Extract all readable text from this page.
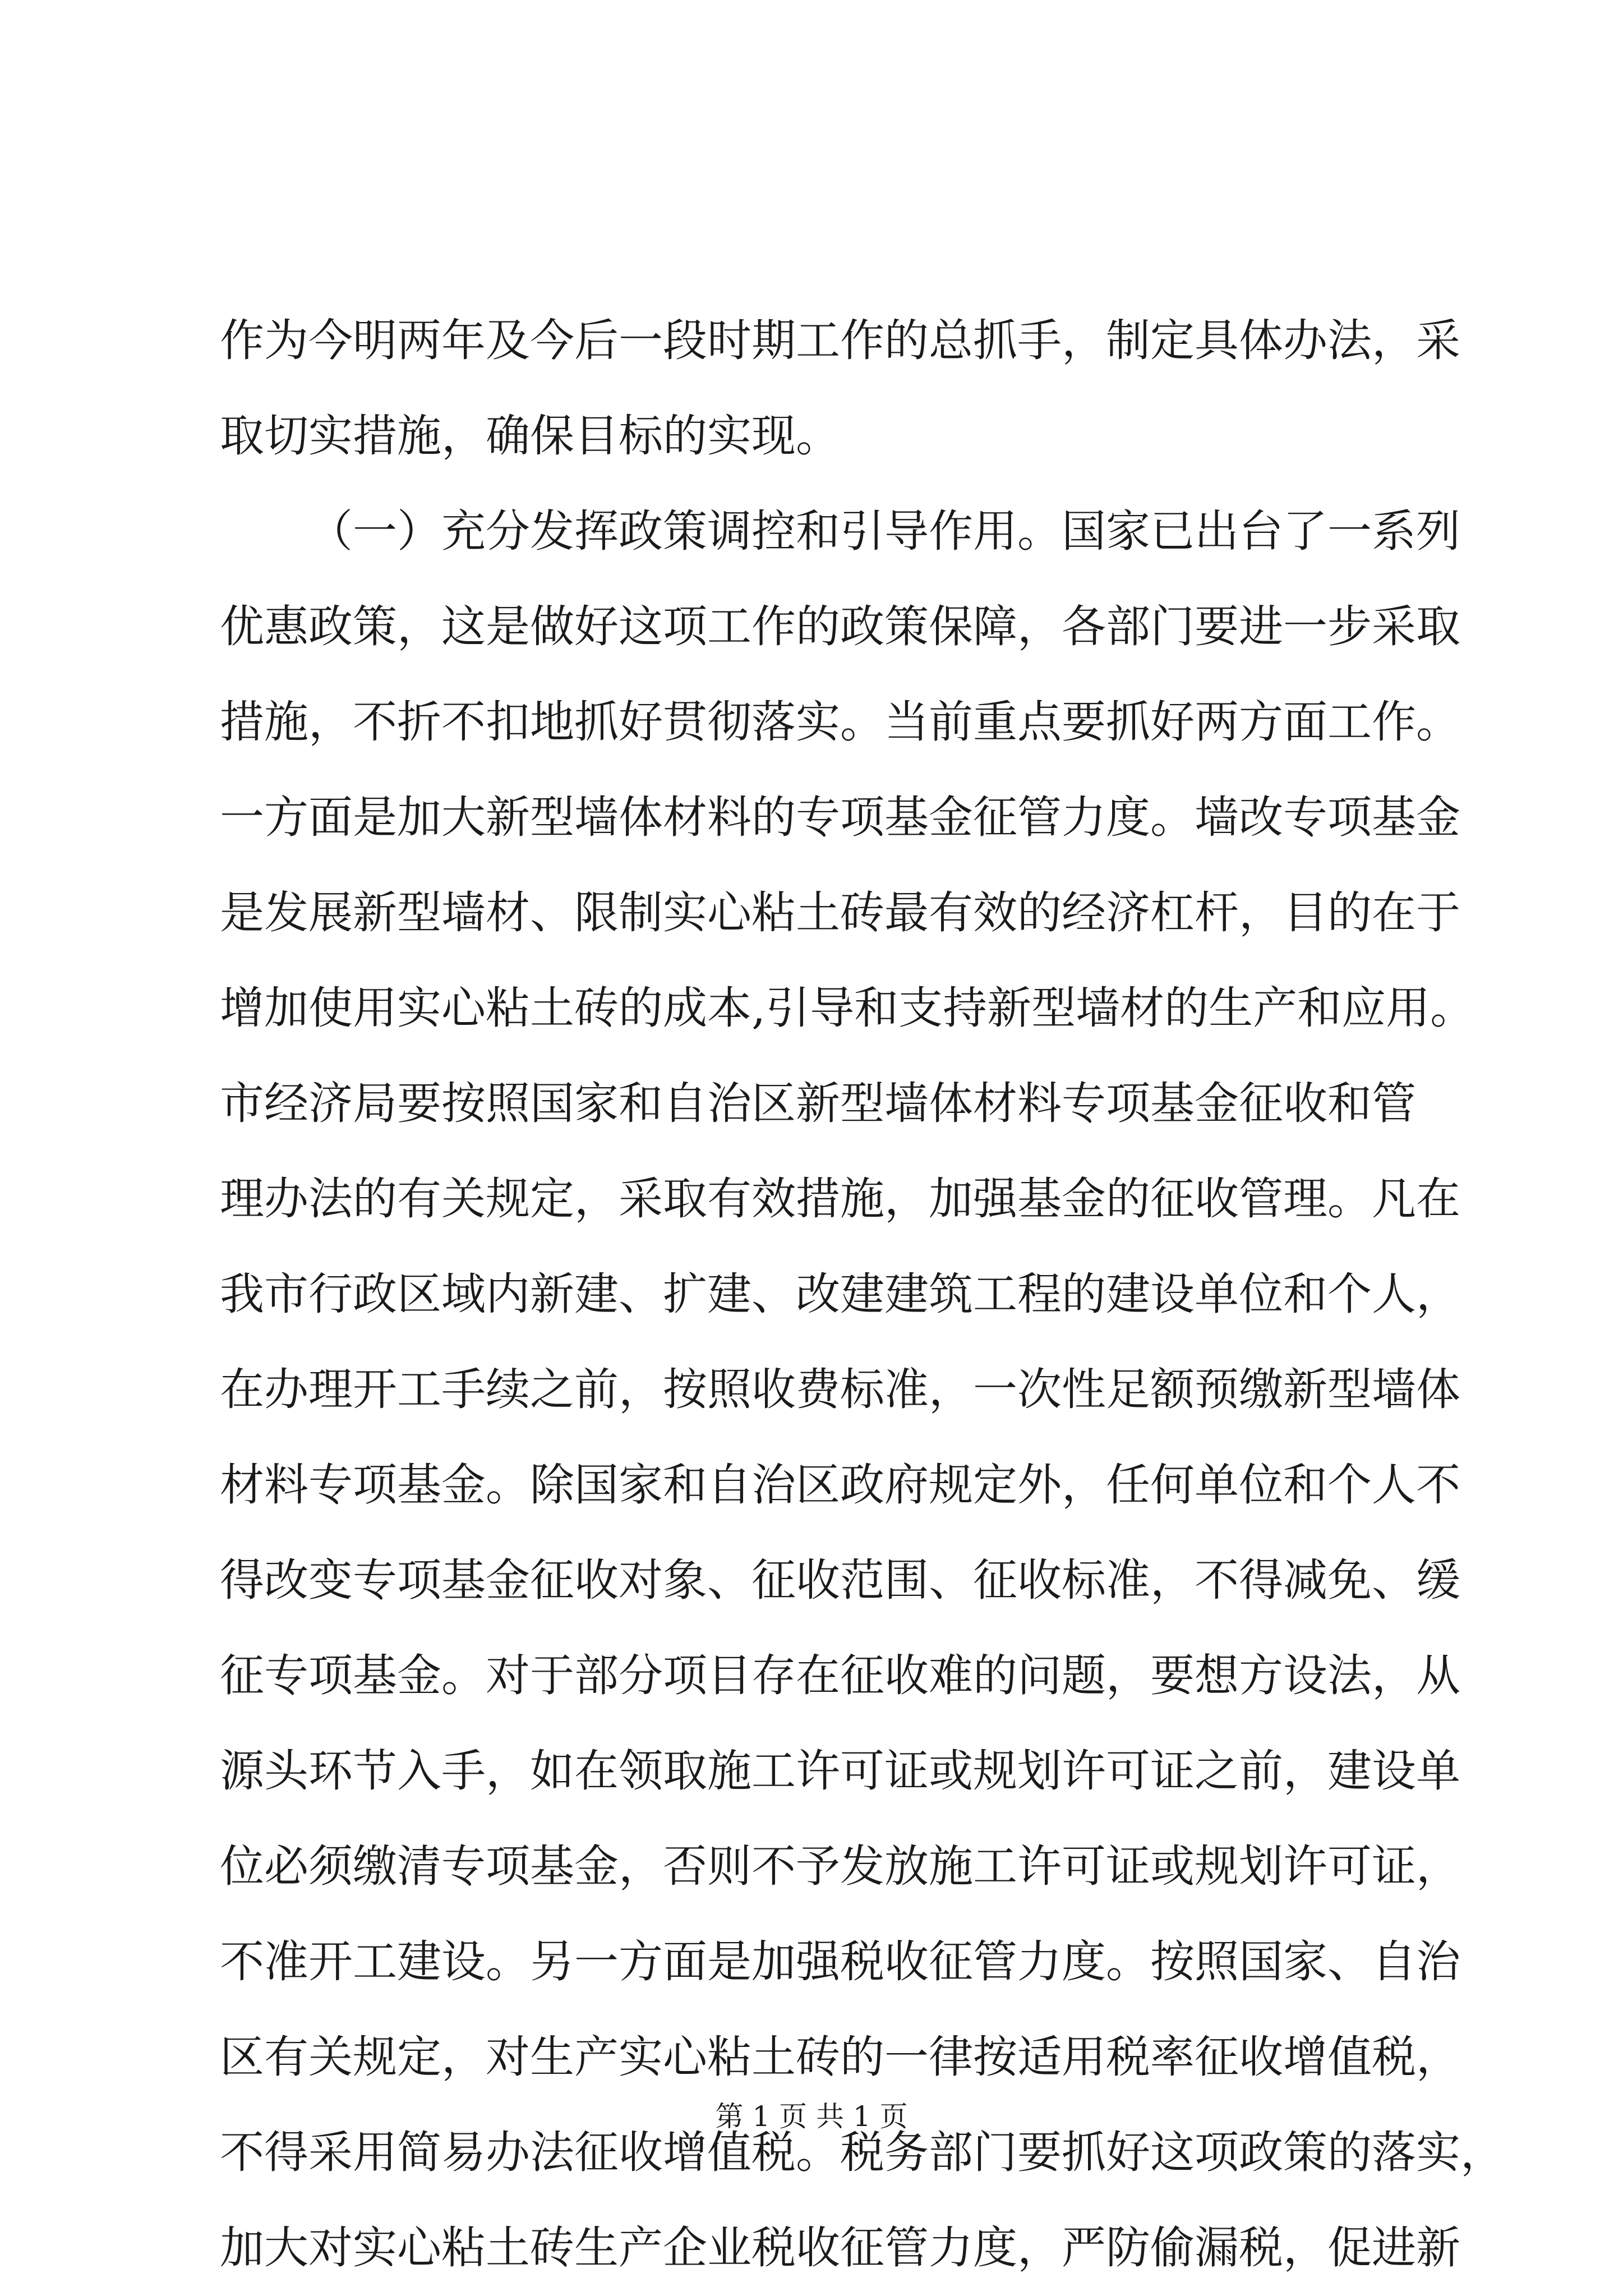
作为今明两年及今后一段时期工作的总抓手，制定具体办法，采
取切实措施，确保目标的实现。
（一）充分发挥政策调控和引导作用。国家已出台了一系列
优惠政策，这是做好这项工作的政策保障，各部门要进一步采取
措施，不折不扣地抓好贯彻落实。当前重点要抓好两方面工作。
一方面是加大新型墙体材料的专项基金征管力度。墙改专项基金
是发展新型墙材、限制实心粘土砖最有效的经济杠杆，目的在于
增加使用实心粘土砖的成本,引导和支持新型墙材的生产和应用。
市经济局要按照国家和自治区新型墙体材料专项基金征收和管
理办法的有关规定，采取有效措施，加强基金的征收管理。凡在
我市行政区域内新建、扩建、改建建筑工程的建设单位和个人，
在办理开工手续之前，按照收费标准，一次性足额预缴新型墙体
材料专项基金。除国家和自治区政府规定外，任何单位和个人不
得改变专项基金征收对象、征收范围、征收标准，不得减免、缓
征专项基金。对于部分项目存在征收难的问题，要想方设法，从
源头环节入手，如在领取施工许可证或规划许可证之前，建设单
位必须缴清专项基金，否则不予发放施工许可证或规划许可证，
不准开工建设。另一方面是加强税收征管力度。按照国家、自治
区有关规定，对生产实心粘土砖的一律按适用税率征收增值税，
不得采用简易办法征收增值税。税务部门要抓好这项政策的落实，
加大对实心粘土砖生产企业税收征管力度，严防偷漏税，促进新
第 1 页 共 1 页
